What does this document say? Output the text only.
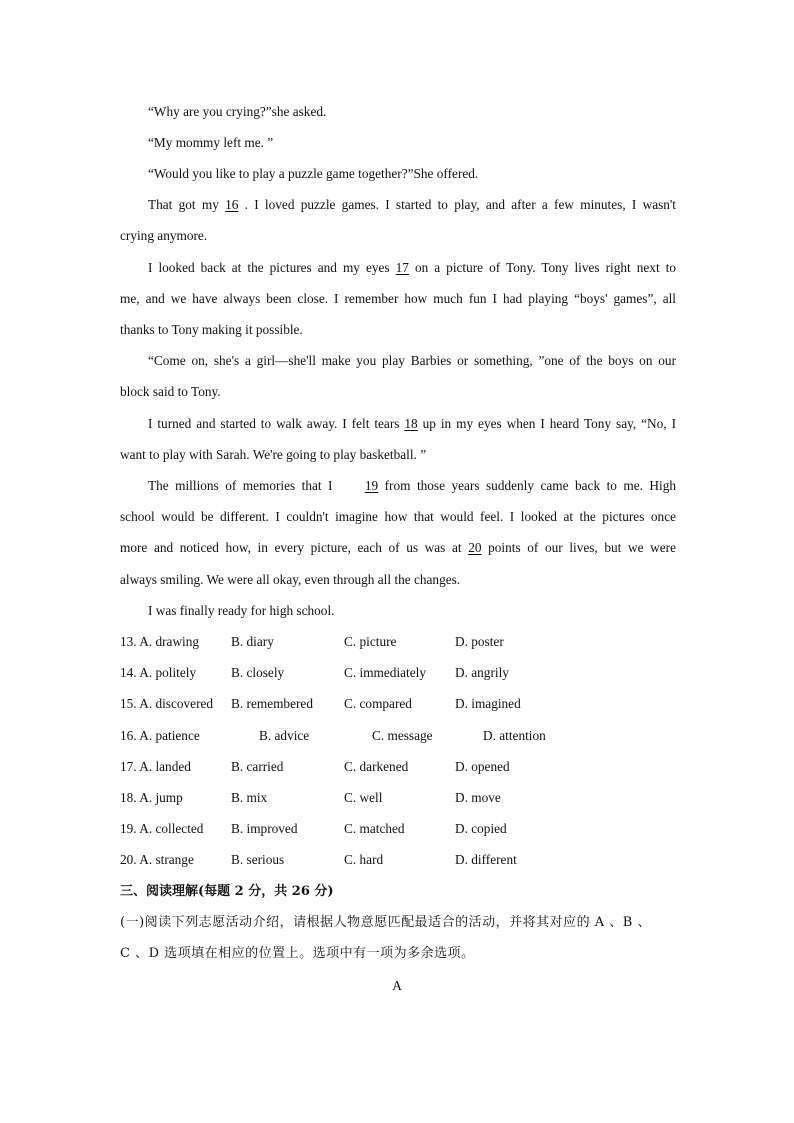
“Why are you crying?”she asked.
“My mommy left me. ”
“Would you like to play a puzzle game together?”She offered.
That got my 16 . I loved puzzle games. I started to play, and after a few minutes, I wasn't
crying anymore.
I looked back at the pictures and my eyes 17 on a picture of Tony. Tony lives right next to
me, and we have always been close. I remember how much fun I had playing “boys' games”, all
thanks to Tony making it possible.
“Come on, she's a girl—she'll make you play Barbies or something, ”one of the boys on our
block said to Tony.
I turned and started to walk away. I felt tears 18 up in my eyes when I heard Tony say, “No, I
want to play with Sarah. We're going to play basketball. ”
The millions of memories that I     19 from those years suddenly came back to me. High
school would be different. I couldn't imagine how that would feel. I looked at the pictures once
more and noticed how, in every picture, each of us was at 20 points of our lives, but we were
always smiling. We were all okay, even through all the changes.
I was finally ready for high school.
13. A. drawing B. diary	C. picture	D. poster
14. A. politely	B. closely	C. immediately D. angrily
15. A. discovered B. remembered C. compared	D. imagined
16. A. patience	B. advice	C. message	D. attention
17. A. landed	B. carried	C. darkened	D. opened
18. A. jump	B. mix	C. well	D. move
19. A. collected B. improved	C. matched	D. copied
20. A. strange	B. serious	C. hard	D. different
三、阅读理解(每题 2 分，共 26 分)
(一)阅读下列志愿活动介绍，请根据人物意愿匹配最适合的活动，并将其对应的 A 、B 、
C 、D 选项填在相应的位置上。选项中有一项为多余选项。
A
